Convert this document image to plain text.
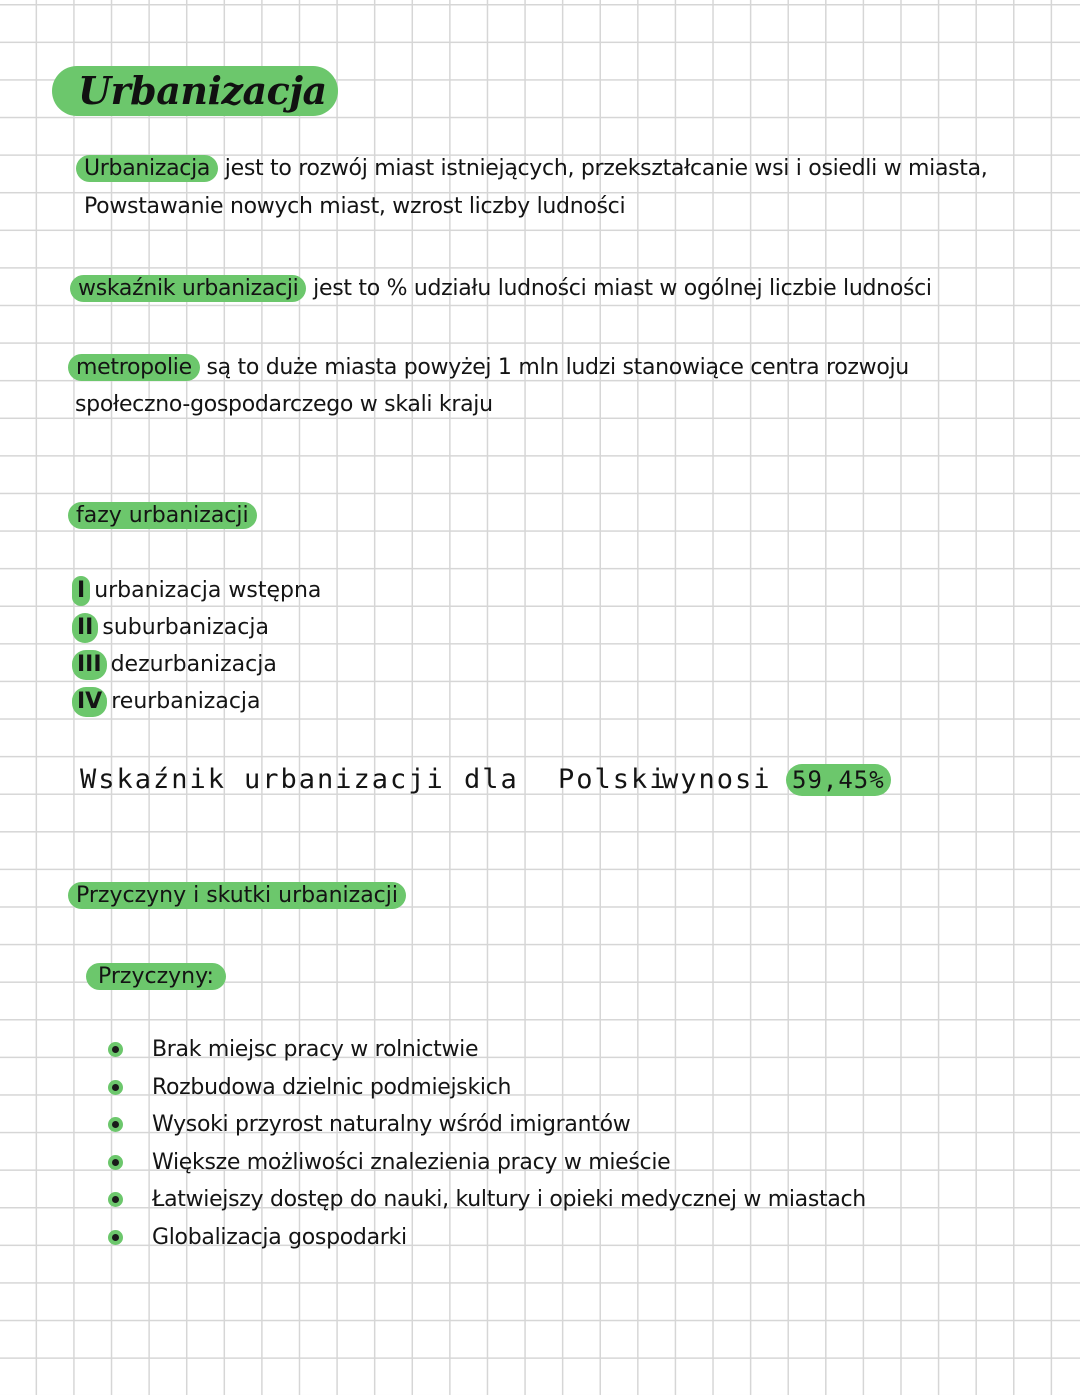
Urbanizacja
Urbanizacja jest to rozwój miast istniejących, przekształcanie wsi i osiedli w miasta,
Powstawanie nowych miast, wzrost liczby ludności
wskaźnik urbanizacji jest to % udziału ludności miast w ogólnej liczbie ludności
metropolie są to duże miasta powyżej 1 mln ludzi stanowiące centra rozwoju
społeczno-gospodarczego w skali kraju
fazy urbanizacji
I urbanizacja wstępna
II suburbanizacja
III dezurbanizacja
IV reurbanizacja
Wskaźnik urbanizacji dla Polski
wynosi 59,45%
Przyczyny i skutki urbanizacji
Przyczyny:
Brak miejsc pracy w rolnictwie
Rozbudowa dzielnic podmiejskich
Wysoki przyrost naturalny wśród imigrantów
Większe możliwości znalezienia pracy w mieście
Łatwiejszy dostęp do nauki, kultury i opieki medycznej w miastach
Globalizacja gospodarki
